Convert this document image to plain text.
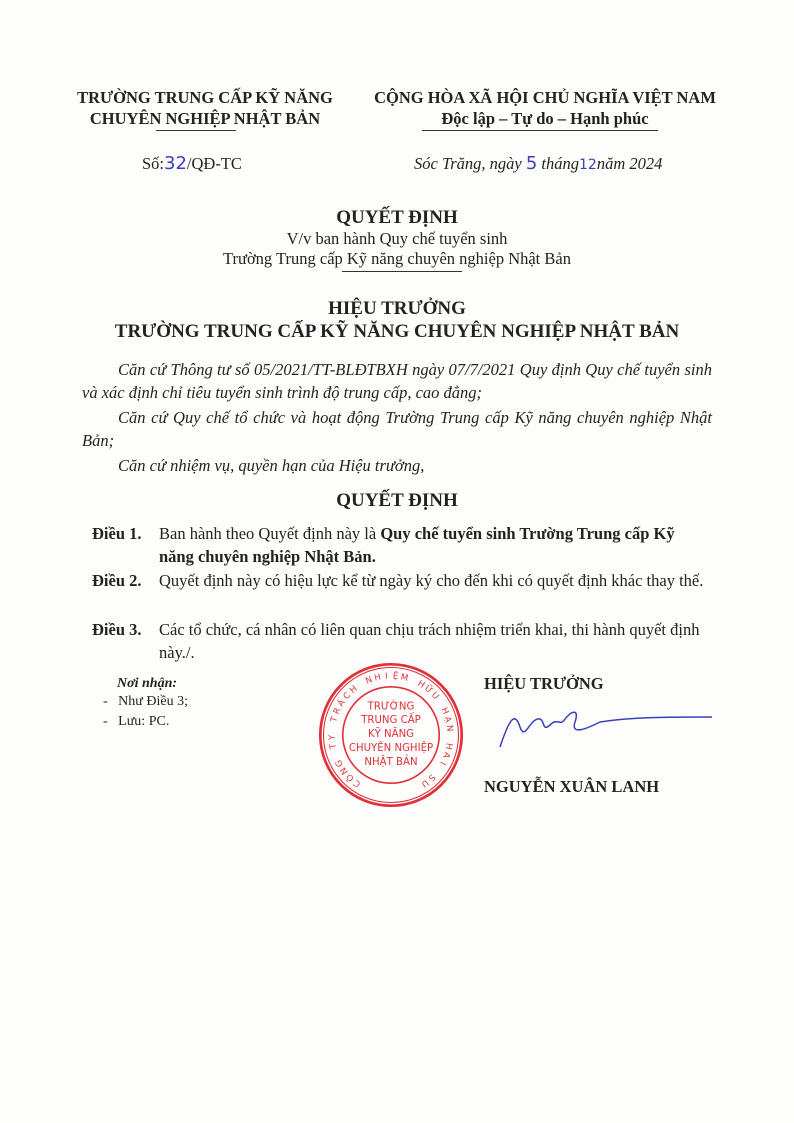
TRƯỜNG TRUNG CẤP KỸ NĂNG
CHUYÊN NGHIỆP NHẬT BẢN
CỘNG HÒA XÃ HỘI CHỦ NGHĨA VIỆT NAM
Độc lập – Tự do – Hạnh phúc
Số:32/QĐ-TC	Sóc Trăng, ngày 5 tháng12năm 2024
QUYẾT ĐỊNH
V/v ban hành Quy chế tuyển sinh
Trường Trung cấp Kỹ năng chuyên nghiệp Nhật Bản
HIỆU TRƯỞNG
TRƯỜNG TRUNG CẤP KỸ NĂNG CHUYÊN NGHIỆP NHẬT BẢN

Căn cứ Thông tư số 05/2021/TT-BLĐTBXH ngày 07/7/2021 Quy định Quy chế tuyển sinh và xác định chỉ tiêu tuyển sinh trình độ trung cấp, cao đẳng;

Căn cứ Quy chế tổ chức và hoạt động Trường Trung cấp Kỹ năng chuyên nghiệp Nhật Bản;

Căn cứ nhiệm vụ, quyền hạn của Hiệu trưởng,

QUYẾT ĐỊNH
Điều 1. Ban hành theo Quyết định này là Quy chế tuyển sinh Trường Trung cấp Kỹ năng chuyên nghiệp Nhật Bản.
Điều 2. Quyết định này có hiệu lực kể từ ngày ký cho đến khi có quyết định khác thay thế.
Điều 3. Các tổ chức, cá nhân có liên quan chịu trách nhiệm triển khai, thi hành quyết định này./.
Nơi nhận:
-   Như Điều 3;
-   Lưu: PC.
C
Ô
N
G
T
Y
T
R
Á
C
H
N H I Ệ M
H
Ữ
U
H
Ạ
N
H
A
I
S
U
TRƯỜNG
TRUNG CẤP
KỸ NĂNG
CHUYÊN NGHIỆP
NHẬT BẢN
HIỆU TRƯỞNG
NGUYỄN XUÂN LANH
